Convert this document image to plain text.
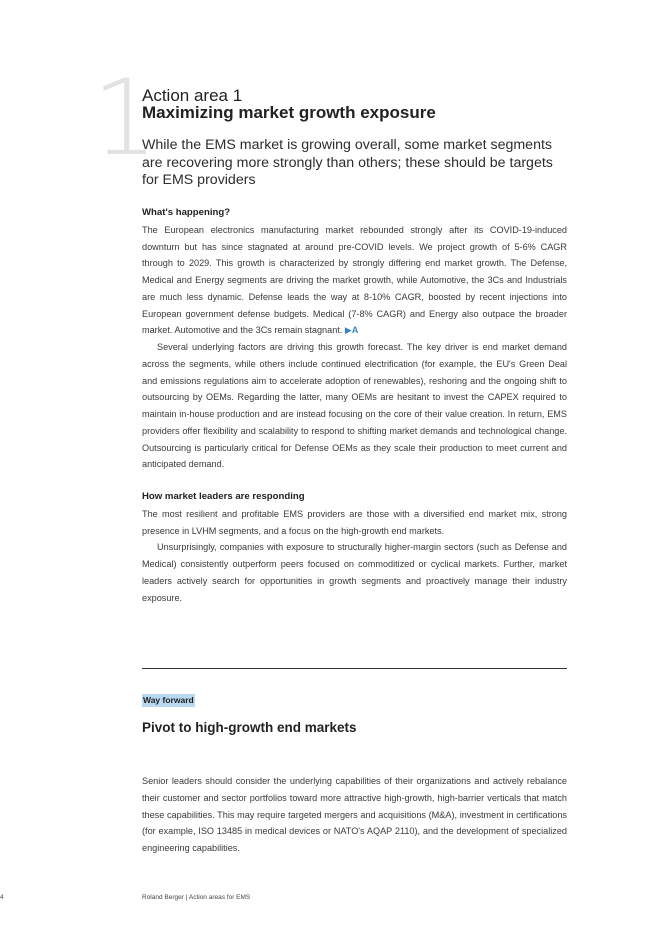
1
Action area 1
Maximizing market growth exposure
While the EMS market is growing overall, some market segments are recovering more strongly than others; these should be targets for EMS providers

What's happening?

The European electronics manufacturing market rebounded strongly after its COVID-19-induced downturn but has since stagnated at around pre-COVID levels. We project growth of 5-6% CAGR through to 2029. This growth is characterized by strongly differing end market growth. The Defense, Medical and Energy segments are driving the market growth, while Automotive, the 3Cs and Industrials are much less dynamic. Defense leads the way at 8-10% CAGR, boosted by recent injections into European government defense budgets. Medical (7-8% CAGR) and Energy also outpace the broader market. Automotive and the 3Cs remain stagnant. ▶A

Several underlying factors are driving this growth forecast. The key driver is end market demand across the segments, while others include continued electrification (for example, the EU's Green Deal and emissions regulations aim to accelerate adoption of renewables), reshoring and the ongoing shift to outsourcing by OEMs. Regarding the latter, many OEMs are hesitant to invest the CAPEX required to maintain in-house production and are instead focusing on the core of their value creation. In return, EMS providers offer flexibility and scalability to respond to shifting market demands and technological change. Outsourcing is particularly critical for Defense OEMs as they scale their production to meet current and anticipated demand.

How market leaders are responding

The most resilient and profitable EMS providers are those with a diversified end market mix, strong presence in LVHM segments, and a focus on the high-growth end markets.

Unsurprisingly, companies with exposure to structurally higher-margin sectors (such as Defense and Medical) consistently outperform peers focused on commoditized or cyclical markets. Further, market leaders actively search for opportunities in growth segments and proactively manage their industry exposure.

Way forward
Pivot to high-growth end markets

Senior leaders should consider the underlying capabilities of their organizations and actively rebalance their customer and sector portfolios toward more attractive high-growth, high-barrier verticals that match these capabilities. This may require targeted mergers and acquisitions (M&A), investment in certifications (for example, ISO 13485 in medical devices or NATO's AQAP 2110), and the development of specialized engineering capabilities.

4	Roland Berger | Action areas for EMS
